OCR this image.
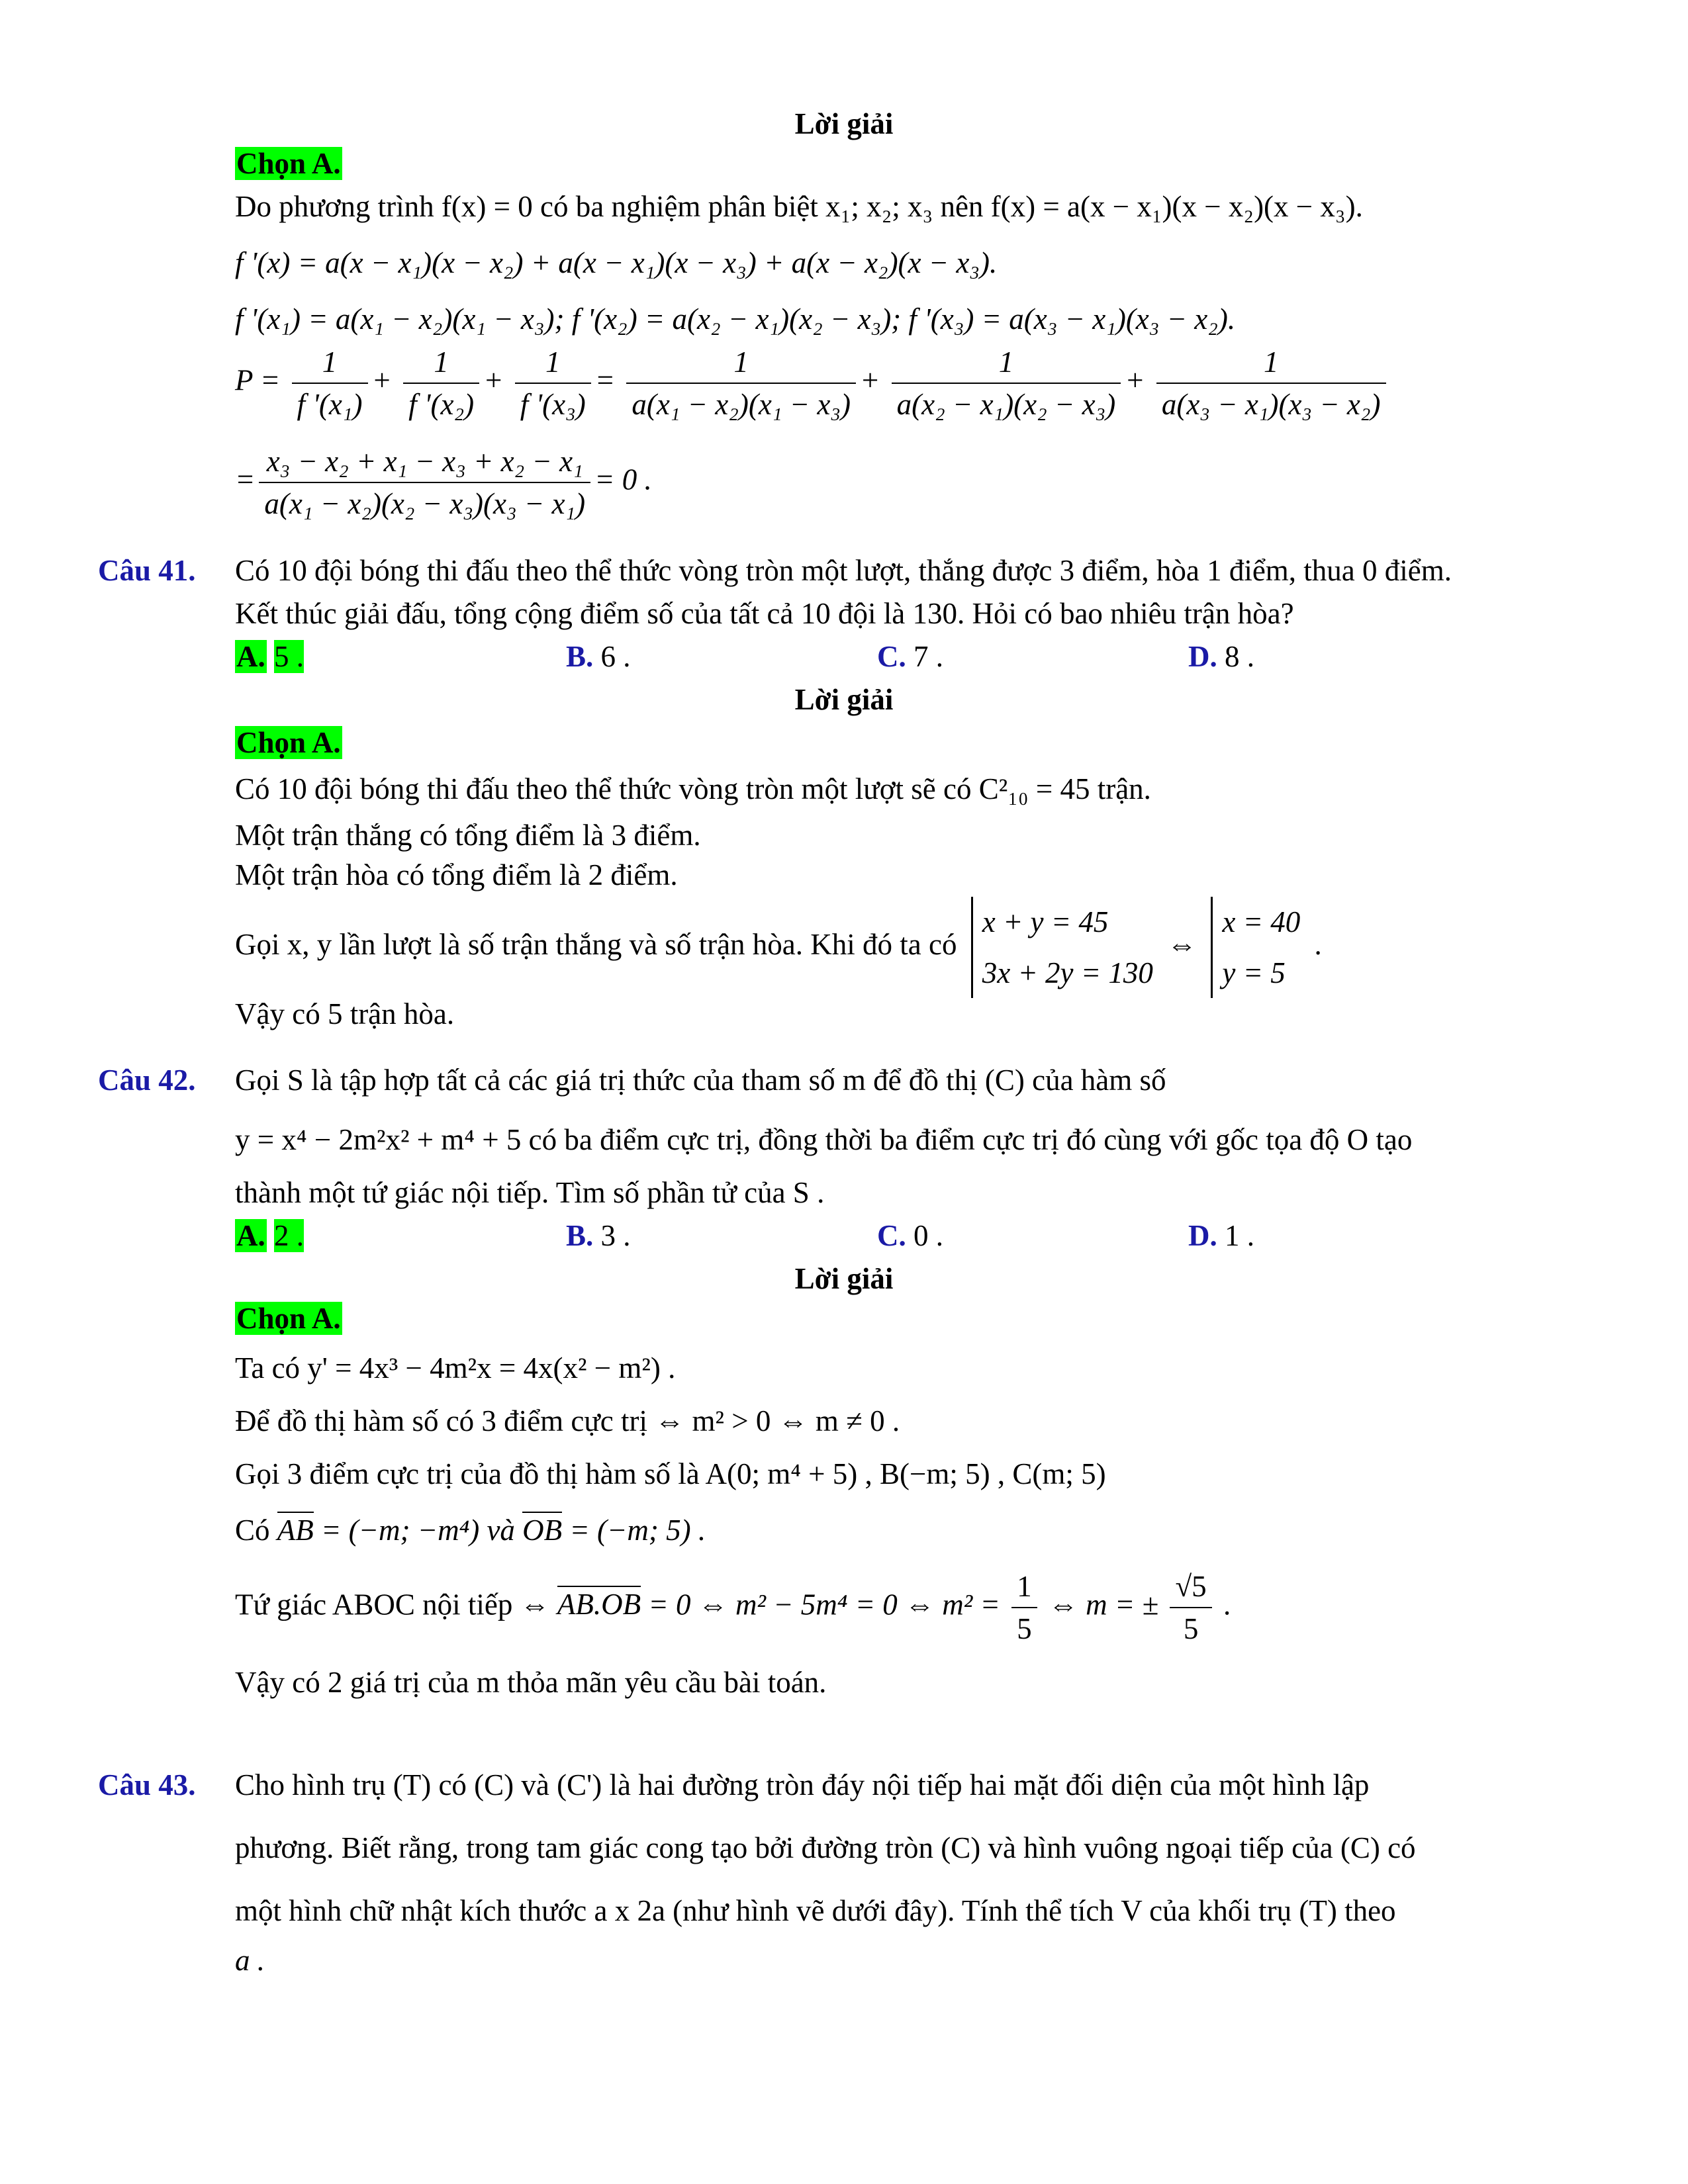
Lời giải
Chọn A.
Do phương trình f(x) = 0 có ba nghiệm phân biệt x₁; x₂; x₃ nên f(x) = a(x − x₁)(x − x₂)(x − x₃).
f '(x) = a(x − x₁)(x − x₂) + a(x − x₁)(x − x₃) + a(x − x₂)(x − x₃).
f '(x₁) = a(x₁ − x₂)(x₁ − x₃); f '(x₂) = a(x₂ − x₁)(x₂ − x₃); f '(x₃) = a(x₃ − x₁)(x₃ − x₂).
$P = \frac{1}{\text{f '(x₁)}} + \frac{1}{\text{f '(x₂)}} + \frac{1}{\text{f '(x₃)}} = \frac{1}{\text{a(x₁ − x₂)(x₁ − x₃)}} + \frac{1}{\text{a(x₂ − x₁)(x₂ − x₃)}} + \frac{1}{\text{a(x₃ − x₁)(x₃ − x₂)}}$
= $\frac{\text{x₃ − x₂ + x₁ − x₃ + x₂ − x₁}}{\text{a(x₁ − x₂)(x₂ − x₃)(x₃ − x₁)}} = 0$ .
Câu 41. Có 10 đội bóng thi đấu theo thể thức vòng tròn một lượt, thắng được 3 điểm, hòa 1 điểm, thua 0 điểm.
Kết thúc giải đấu, tổng cộng điểm số của tất cả 10 đội là 130. Hỏi có bao nhiêu trận hòa?
A. 5 .	B. 6 .	C. 7 .	D. 8 .
Lời giải
Chọn A.
Có 10 đội bóng thi đấu theo thể thức vòng tròn một lượt sẽ có C²₁₀ = 45 trận.
Một trận thắng có tổng điểm là 3 điểm.
Một trận hòa có tổng điểm là 2 điểm.
Gọi x, y lần lượt là số trận thắng và số trận hòa. Khi đó ta có x + y = 45
3x + 2y = 130 ⇔ x = 40
y = 5 .
Vậy có 5 trận hòa.
Câu 42. Gọi S là tập hợp tất cả các giá trị thức của tham số m để đồ thị (C) của hàm số
y = x⁴ − 2m²x² + m⁴ + 5 có ba điểm cực trị, đồng thời ba điểm cực trị đó cùng với gốc tọa độ O tạo
thành một tứ giác nội tiếp. Tìm số phần tử của S .
A. 2 .	B. 3 .	C. 0 .	D. 1 .
Lời giải
Chọn A.
Ta có y' = 4x³ − 4m²x = 4x(x² − m²) .
Để đồ thị hàm số có 3 điểm cực trị ⇔ m² > 0 ⇔ m ≠ 0 .
Gọi 3 điểm cực trị của đồ thị hàm số là A(0; m⁴ + 5) , B(−m; 5) , C(m; 5)
Có AB = (−m; −m⁴) và OB = (−m; 5) .
Tứ giác ABOC nội tiếp ⇔ AB.OB = 0 ⇔ m² − 5m⁴ = 0 ⇔ $m^2 = \frac{1}{5}$ ⇔ m = ± $\frac{√5}{5}$ .
Vậy có 2 giá trị của m thỏa mãn yêu cầu bài toán.
Câu 43. Cho hình trụ (T) có (C) và (C') là hai đường tròn đáy nội tiếp hai mặt đối diện của một hình lập
phương. Biết rằng, trong tam giác cong tạo bởi đường tròn (C) và hình vuông ngoại tiếp của (C) có
một hình chữ nhật kích thước a x 2a (như hình vẽ dưới đây). Tính thể tích V của khối trụ (T) theo
a .
